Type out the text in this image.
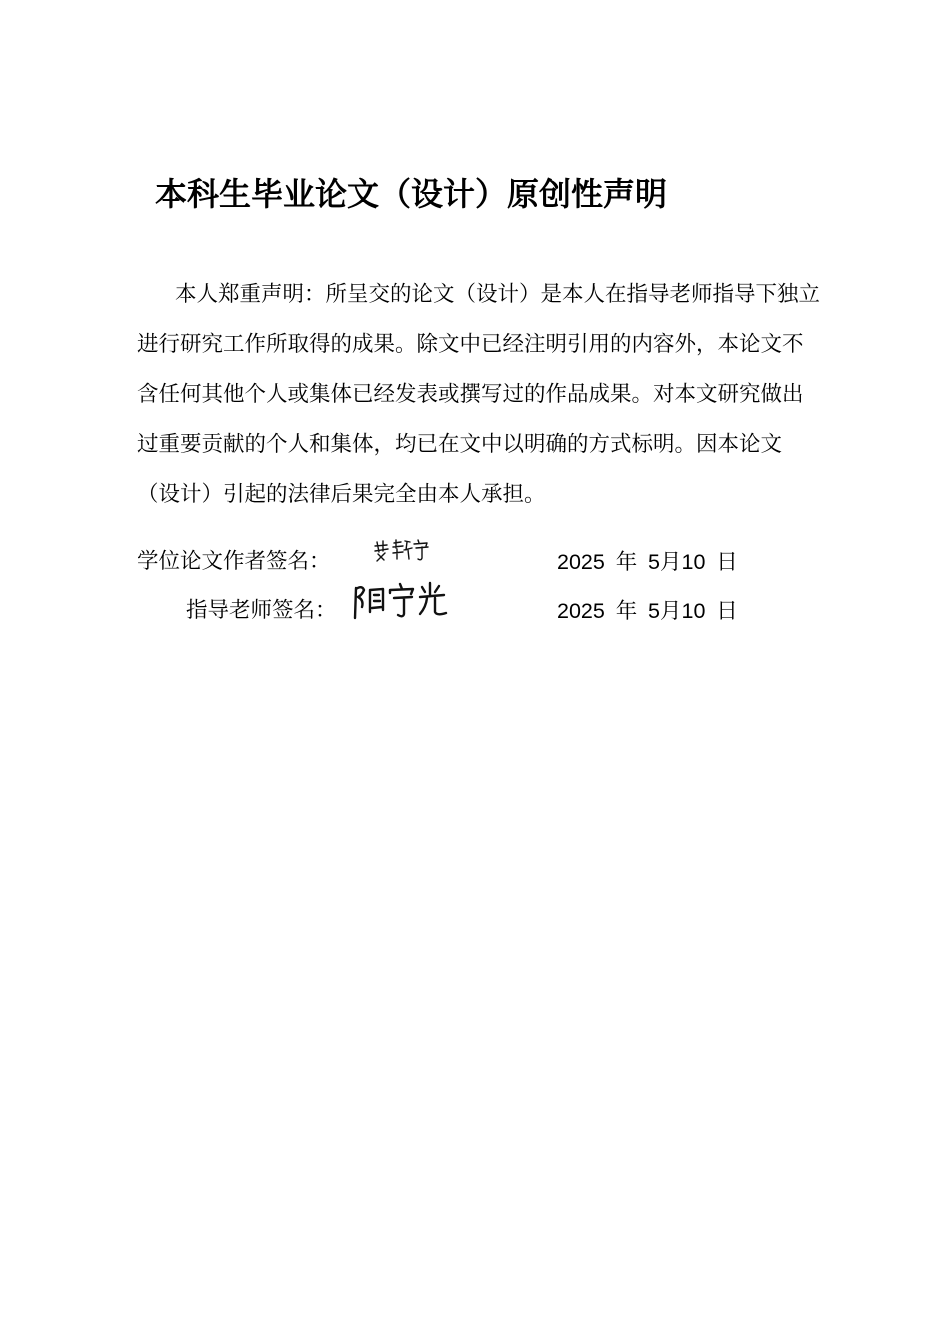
本科生毕业论文（设计）原创性声明
本人郑重声明：所呈交的论文（设计）是本人在指导老师指导下独立
进行研究工作所取得的成果。除文中已经注明引用的内容外，本论文不
含任何其他个人或集体已经发表或撰写过的作品成果。对本文研究做出
过重要贡献的个人和集体，均已在文中以明确的方式标明。因本论文
（设计）引起的法律后果完全由本人承担。
学位论文作者签名：	2025 年 5月10 日
指导老师签名：	2025 年 5月10 日
